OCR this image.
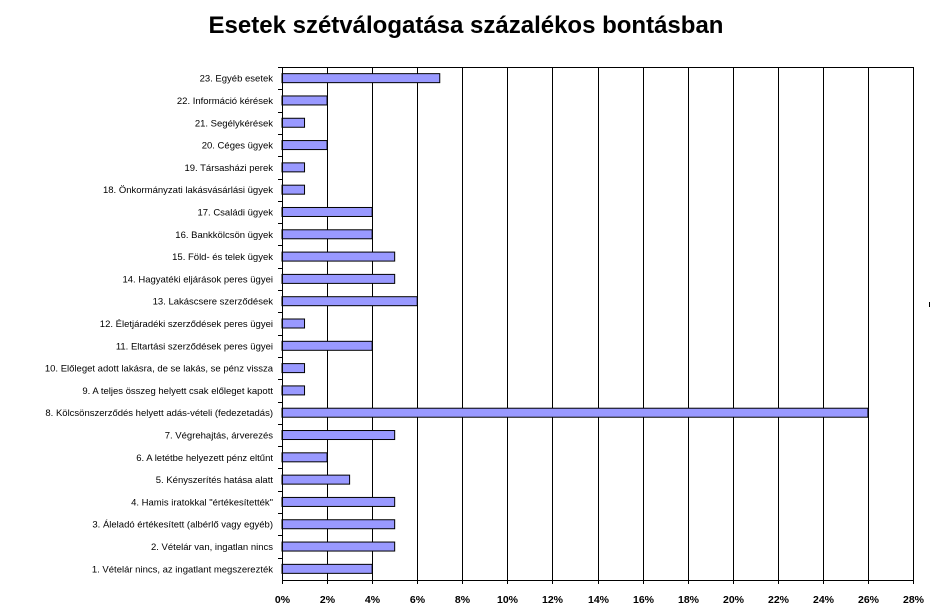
Esetek szétválogatása százalékos bontásban
23. Egyéb esetek
22. Információ kérések
21. Segélykérések
20. Céges ügyek
19. Társasházi perek
18. Önkormányzati lakásvásárlási ügyek
17. Családi ügyek
16. Bankkölcsön ügyek
15. Föld- és telek ügyek
14. Hagyatéki eljárások peres ügyei
13. Lakáscsere szerződések
12. Életjáradéki szerződések peres ügyei
11. Eltartási szerződések peres ügyei
10. Előleget adott lakásra, de se lakás, se pénz vissza
9. A teljes összeg helyett csak előleget kapott
8. Kölcsönszerződés helyett adás-vételi (fedezetadás)
7. Végrehajtás, árverezés
6. A letétbe helyezett pénz eltűnt
5. Kényszerítés hatása alatt
4. Hamis iratokkal "értékesítették"
3. Áleladó értékesített (albérlő vagy egyéb)
2. Vételár van, ingatlan nincs
1. Vételár nincs, az ingatlant megszerezték
0%	2%	4%	6%	8%	10% 12% 14% 16% 18% 20% 22% 24% 26% 28%
